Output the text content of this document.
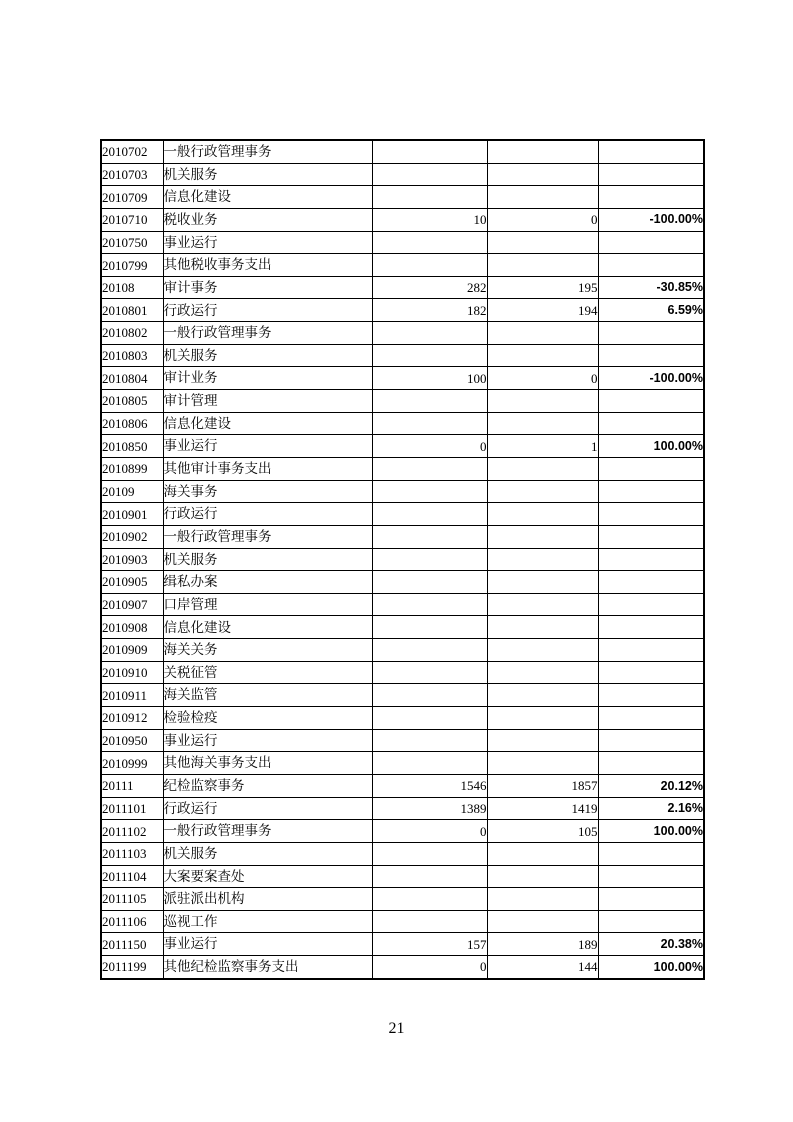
2010702	一般行政管理事务			
2010703	机关服务			
2010709	信息化建设			
2010710	税收业务	10	0	-100.00%
2010750	事业运行			
2010799	其他税收事务支出			
20108	审计事务	282	195	-30.85%
2010801	行政运行	182	194	6.59%
2010802	一般行政管理事务			
2010803	机关服务			
2010804	审计业务	100	0	-100.00%
2010805	审计管理			
2010806	信息化建设			
2010850	事业运行	0	1	100.00%
2010899	其他审计事务支出			
20109	海关事务			
2010901	行政运行			
2010902	一般行政管理事务			
2010903	机关服务			
2010905	缉私办案			
2010907	口岸管理			
2010908	信息化建设			
2010909	海关关务			
2010910	关税征管			
2010911	海关监管			
2010912	检验检疫			
2010950	事业运行			
2010999	其他海关事务支出			
20111	纪检监察事务	1546	1857	20.12%
2011101	行政运行	1389	1419	2.16%
2011102	一般行政管理事务	0	105	100.00%
2011103	机关服务			
2011104	大案要案查处			
2011105	派驻派出机构			
2011106	巡视工作			
2011150	事业运行	157	189	20.38%
2011199	其他纪检监察事务支出	0	144	100.00%
21
